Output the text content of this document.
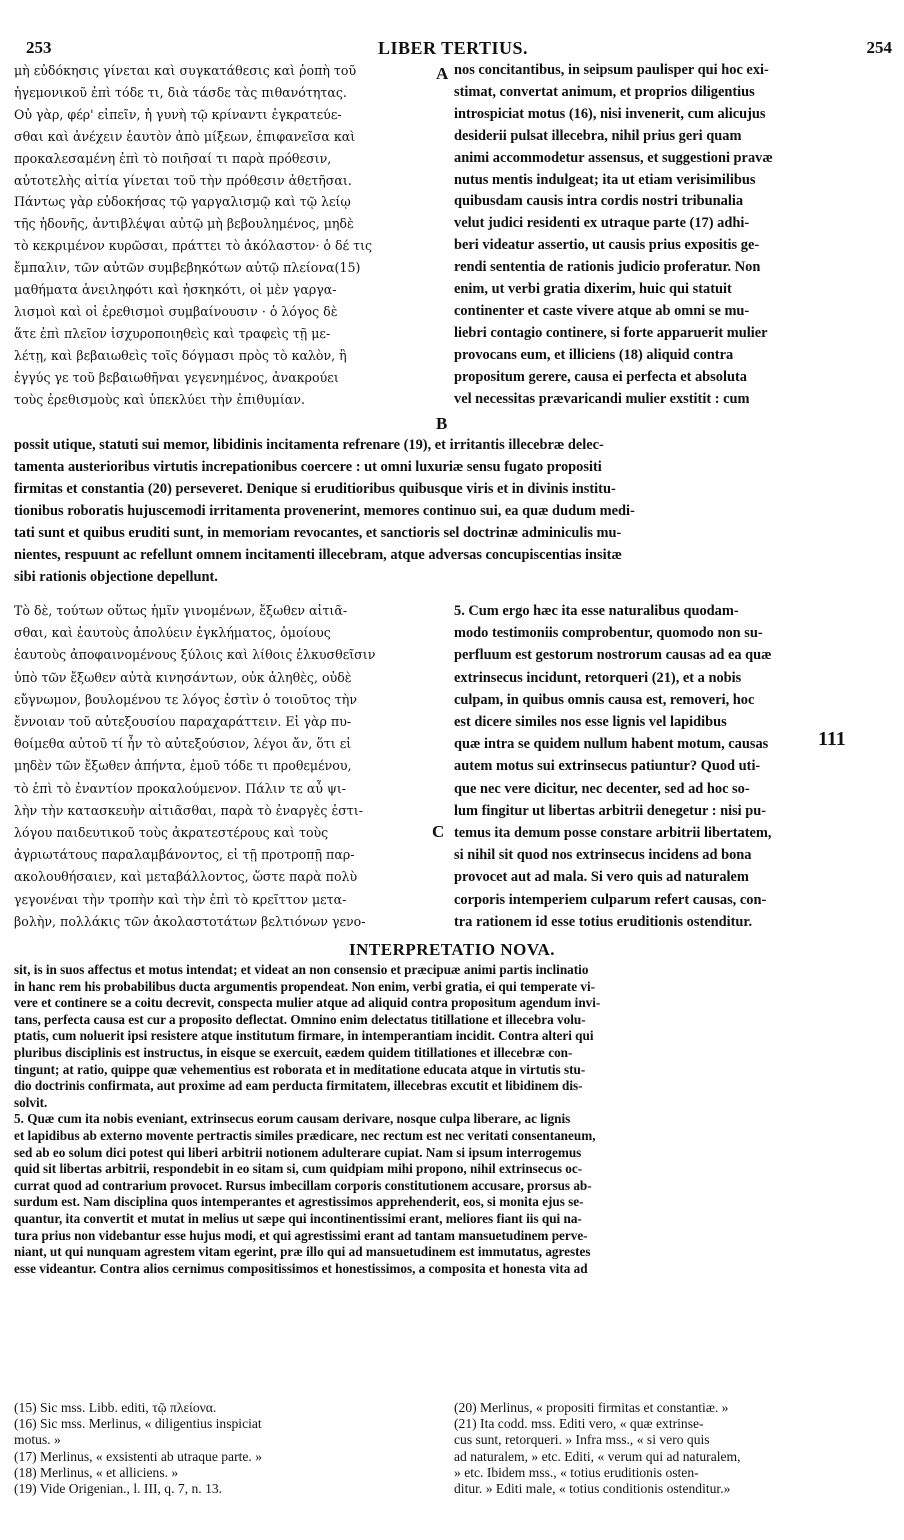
253	LIBER TERTIUS.	254
μὴ εὐδόκησις γίνεται καὶ συγκατάθεσις καὶ ῥοπὴ τοῦ
ἡγεμονικοῦ ἐπὶ τόδε τι, διὰ τάσδε τὰς πιθανότητας.
Οὐ γὰρ, φέρ' εἰπεῖν, ἡ γυνὴ τῷ κρίναντι ἐγκρατεύε-
σθαι καὶ ἀνέχειν ἑαυτὸν ἀπὸ μίξεων, ἐπιφανεῖσα καὶ
προκαλεσαμένη ἐπὶ τὸ ποιῆσαί τι παρὰ πρόθεσιν,
αὐτοτελὴς αἰτία γίνεται τοῦ τὴν πρόθεσιν ἀθετῆσαι.
Πάντως γὰρ εὐδοκήσας τῷ γαργαλισμῷ καὶ τῷ λείῳ
τῆς ἡδονῆς, ἀντιβλέψαι αὐτῷ μὴ βεβουλημένος, μηδὲ
τὸ κεκριμένον κυρῶσαι, πράττει τὸ ἀκόλαστον· ὁ δέ τις
ἔμπαλιν, τῶν αὐτῶν συμβεβηκότων αὐτῷ πλείονα(15)
μαθήματα ἀνειληφότι καὶ ἠσκηκότι, οἱ μὲν γαργα-
λισμοὶ καὶ οἱ ἐρεθισμοὶ συμβαίνουσιν · ὁ λόγος δὲ
ἅτε ἐπὶ πλεῖον ἰσχυροποιηθεὶς καὶ τραφεὶς τῇ με-
λέτῃ, καὶ βεβαιωθεὶς τοῖς δόγμασι πρὸς τὸ καλὸν, ἢ
ἐγγύς γε τοῦ βεβαιωθῆναι γεγενημένος, ἀνακρούει
τοὺς ἐρεθισμοὺς καὶ ὑπεκλύει τὴν ἐπιθυμίαν.
nos concitantibus, in seipsum paulisper qui hoc exi-
stimat, convertat animum, et proprios diligentius
introspiciat motus (16), nisi invenerit, cum alicujus
desiderii pulsat illecebra, nihil prius geri quam
animi accommodetur assensus, et suggestioni pravæ
nutus mentis indulgeat; ita ut etiam verisimilibus
quibusdam causis intra cordis nostri tribunalia
velut judici residenti ex utraque parte (17) adhi-
beri videatur assertio, ut causis prius expositis ge-
rendi sententia de rationis judicio proferatur. Non
enim, ut verbi gratia dixerim, huic qui statuit
continenter et caste vivere atque ab omni se mu-
liebri contagio continere, si forte apparuerit mulier
provocans eum, et illiciens (18) aliquid contra
propositum gerere, causa ei perfecta et absoluta
vel necessitas prævaricandi mulier exstitit : cum
A
B
possit utique, statuti sui memor, libidinis incitamenta refrenare (19), et irritantis illecebræ delec-
tamenta austerioribus virtutis increpationibus coercere : ut omni luxuriæ sensu fugato propositi
firmitas et constantia (20) perseveret. Denique si eruditioribus quibusque viris et in divinis institu-
tionibus roboratis hujuscemodi irritamenta provenerint, memores continuo sui, ea quæ dudum medi-
tati sunt et quibus eruditi sunt, in memoriam revocantes, et sanctioris sel doctrinæ adminiculis mu-
nientes, respuunt ac refellunt omnem incitamenti illecebram, atque adversas concupiscentias insitæ
sibi rationis objectione depellunt.
Τὸ δὲ, τούτων οὕτως ἡμῖν γινομένων, ἔξωθεν αἰτιᾶ-
σθαι, καὶ ἑαυτοὺς ἀπολύειν ἐγκλήματος, ὁμοίους
ἑαυτοὺς ἀποφαινομένους ξύλοις καὶ λίθοις ἑλκυσθεῖσιν
ὑπὸ τῶν ἔξωθεν αὐτὰ κινησάντων, οὐκ ἀληθὲς, οὐδὲ
εὔγνωμον, βουλομένου τε λόγος ἐστὶν ὁ τοιοῦτος τὴν
ἔννοιαν τοῦ αὐτεξουσίου παραχαράττειν. Εἰ γὰρ πυ-
θοίμεθα αὐτοῦ τί ἦν τὸ αὐτεξούσιον, λέγοι ἄν, ὅτι εἰ
μηδὲν τῶν ἔξωθεν ἀπήντα, ἐμοῦ τόδε τι προθεμένου,
τὸ ἐπὶ τὸ ἐναντίον προκαλούμενον. Πάλιν τε αὖ ψι-
λὴν τὴν κατασκευὴν αἰτιᾶσθαι, παρὰ τὸ ἐναργὲς ἐστι-
λόγου παιδευτικοῦ τοὺς ἀκρατεστέρους καὶ τοὺς
ἀγριωτάτους παραλαμβάνοντος, εἰ τῇ προτροπῇ παρ-
ακολουθήσαιεν, καὶ μεταβάλλοντος, ὥστε παρὰ πολὺ
γεγονέναι τὴν τροπὴν καὶ τὴν ἐπὶ τὸ κρεῖττον μετα-
βολὴν, πολλάκις τῶν ἀκολαστοτάτων βελτιόνων γενο-
5. Cum ergo hæc ita esse naturalibus quodam-
modo testimoniis comprobentur, quomodo non su-
perfluum est gestorum nostrorum causas ad ea quæ
extrinsecus incidunt, retorqueri (21), et a nobis
culpam, in quibus omnis causa est, removeri, hoc
est dicere similes nos esse lignis vel lapidibus
quæ intra se quidem nullum habent motum, causas
autem motus sui extrinsecus patiuntur? Quod uti-
que nec vere dicitur, nec decenter, sed ad hoc so-
lum fingitur ut libertas arbitrii denegetur : nisi pu-
temus ita demum posse constare arbitrii libertatem,
si nihil sit quod nos extrinsecus incidens ad bona
provocet aut ad mala. Si vero quis ad naturalem
corporis intemperiem culparum refert causas, con-
tra rationem id esse totius eruditionis ostenditur.
111
C
INTERPRETATIO NOVA.
sit, is in suos affectus et motus intendat; et videat an non consensio et præcipuæ animi partis inclinatio
in hanc rem his probabilibus ducta argumentis propendeat. Non enim, verbi gratia, ei qui temperate vi-
vere et continere se a coitu decrevit, conspecta mulier atque ad aliquid contra propositum agendum invi-
tans, perfecta causa est cur a proposito deflectat. Omnino enim delectatus titillatione et illecebra volu-
ptatis, cum noluerit ipsi resistere atque institutum firmare, in intemperantiam incidit. Contra alteri qui
pluribus disciplinis est instructus, in eisque se exercuit, eædem quidem titillationes et illecebræ con-
tingunt; at ratio, quippe quæ vehementius est roborata et in meditatione educata atque in virtutis stu-
dio doctrinis confirmata, aut proxime ad eam perducta firmitatem, illecebras excutit et libidinem dis-
solvit.
5. Quæ cum ita nobis eveniant, extrinsecus eorum causam derivare, nosque culpa liberare, ac lignis
et lapidibus ab externo movente pertractis similes prædicare, nec rectum est nec veritati consentaneum,
sed ab eo solum dici potest qui liberi arbitrii notionem adulterare cupiat. Nam si ipsum interrogemus
quid sit libertas arbitrii, respondebit in eo sitam si, cum quidpiam mihi propono, nihil extrinsecus oc-
currat quod ad contrarium provocet. Rursus imbecillam corporis constitutionem accusare, prorsus ab-
surdum est. Nam disciplina quos intemperantes et agrestissimos apprehenderit, eos, si monita ejus se-
quantur, ita convertit et mutat in melius ut sæpe qui incontinentissimi erant, meliores fiant iis qui na-
tura prius non videbantur esse hujus modi, et qui agrestissimi erant ad tantam mansuetudinem perve-
niant, ut qui nunquam agrestem vitam egerint, præ illo qui ad mansuetudinem est immutatus, agrestes
esse videantur. Contra alios cernimus compositissimos et honestissimos, a composita et honesta vita ad
(15) Sic mss. Libb. editi, τῷ πλείονα.
(16) Sic mss. Merlinus, « diligentius inspiciat
motus. »
(17) Merlinus, « exsistenti ab utraque parte. »
(18) Merlinus, « et alliciens. »
(19) Vide Origenian., l. III, q. 7, n. 13.
(20) Merlinus, « propositi firmitas et constantiæ. »
(21) Ita codd. mss. Editi vero, « quæ extrinse-
cus sunt, retorqueri. » Infra mss., « si vero quis
ad naturalem, » etc. Editi, « verum qui ad naturalem,
» etc. Ibidem mss., « totius eruditionis osten-
ditur. » Editi male, « totius conditionis ostenditur.»
